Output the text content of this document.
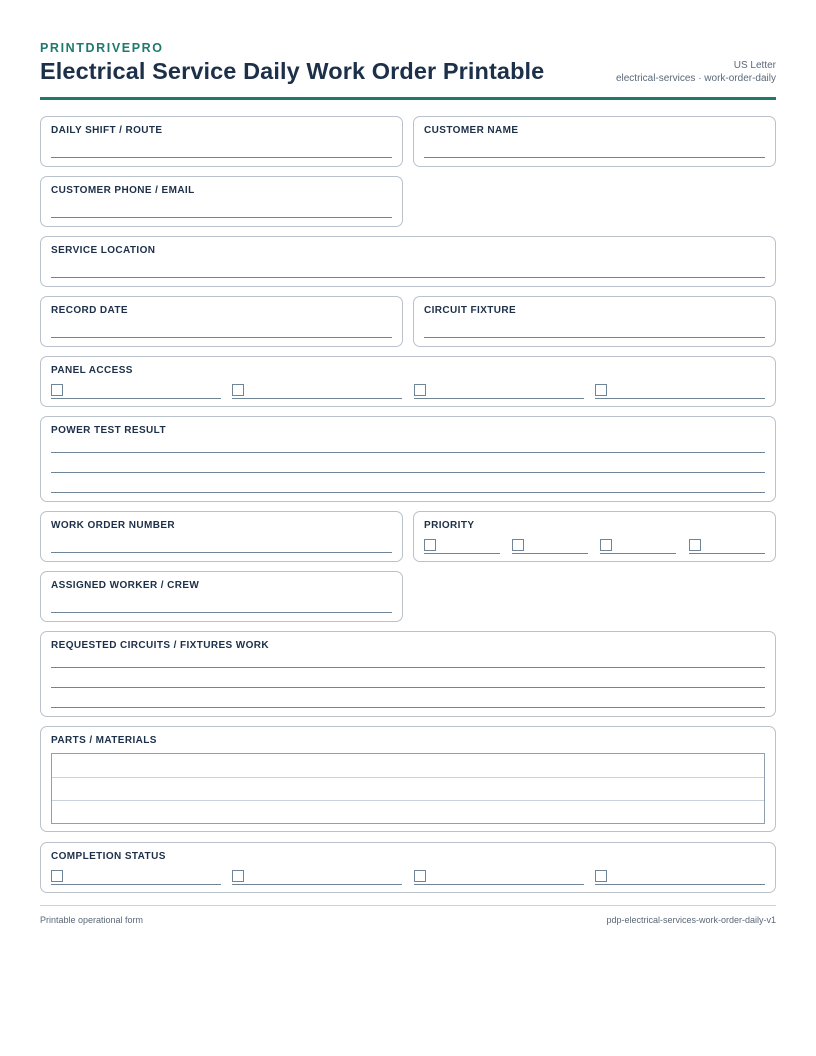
PRINTDRIVEPRO
Electrical Service Daily Work Order Printable	US Letter
electrical-services · work-order-daily
DAILY SHIFT / ROUTE	CUSTOMER NAME
CUSTOMER PHONE / EMAIL
SERVICE LOCATION
RECORD DATE	CIRCUIT FIXTURE
PANEL ACCESS
POWER TEST RESULT
WORK ORDER NUMBER	PRIORITY
ASSIGNED WORKER / CREW
REQUESTED CIRCUITS / FIXTURES WORK
PARTS / MATERIALS
COMPLETION STATUS
Printable operational form	pdp-electrical-services-work-order-daily-v1
